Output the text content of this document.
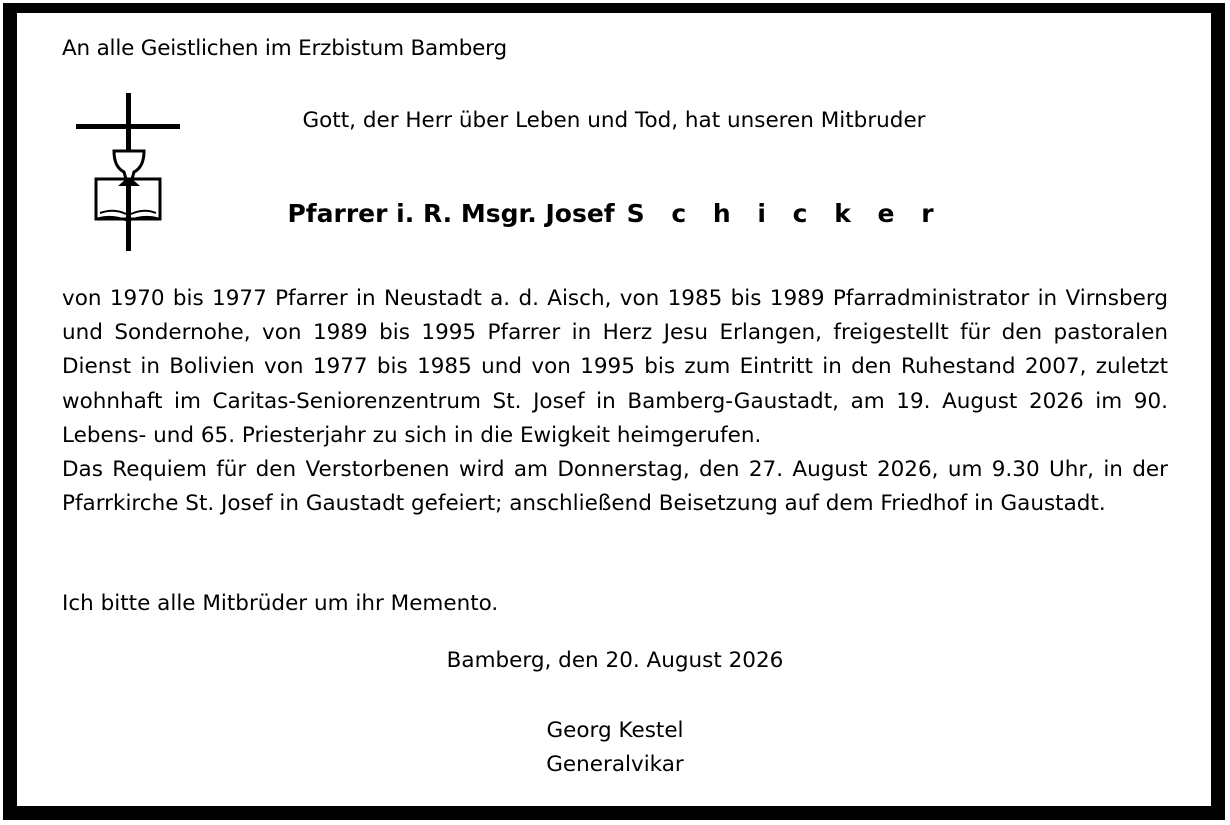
An alle Geistlichen im Erzbistum Bamberg
Gott, der Herr über Leben und Tod, hat unseren Mitbruder
Pfarrer i. R. Msgr. Josef S c h i c k e r

von 1970 bis 1977 Pfarrer in Neustadt a. d. Aisch, von 1985 bis 1989 Pfarradministrator in Virnsberg und Sondernohe, von 1989 bis 1995 Pfarrer in Herz Jesu Erlangen, freigestellt für den pastoralen Dienst in Bolivien von 1977 bis 1985 und von 1995 bis zum Eintritt in den Ruhestand 2007, zuletzt wohnhaft im Caritas-Seniorenzentrum St. Josef in Bamberg-Gaustadt, am 19. August 2026 im 90. Lebens- und 65. Priesterjahr zu sich in die Ewigkeit heimgerufen.

Das Requiem für den Verstorbenen wird am Donnerstag, den 27. August 2026, um 9.30 Uhr, in der Pfarrkirche St. Josef in Gaustadt gefeiert; anschließend Beisetzung auf dem Friedhof in Gaustadt.

Ich bitte alle Mitbrüder um ihr Memento.
Bamberg, den 20. August 2026
Georg Kestel
Generalvikar
